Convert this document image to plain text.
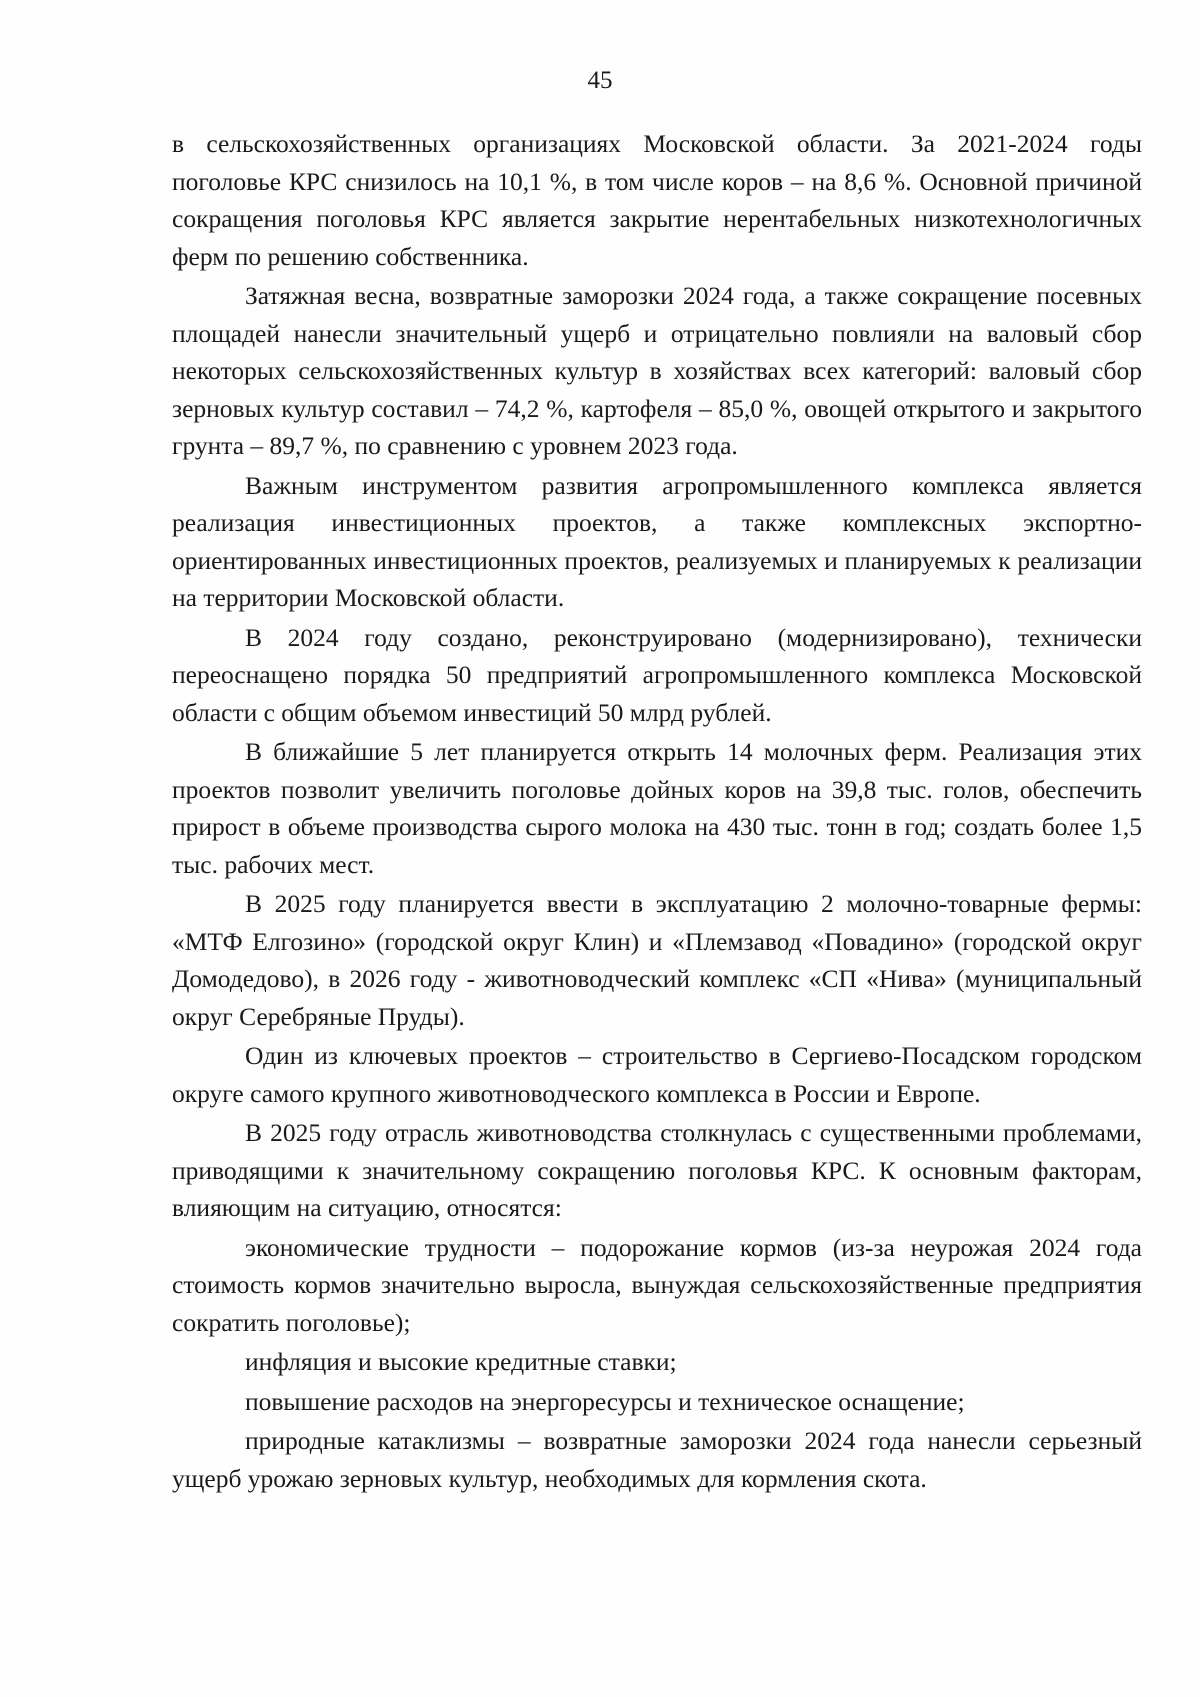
45

в сельскохозяйственных организациях Московской области. За 2021-2024 годы поголовье КРС снизилось на 10,1 %, в том числе коров – на 8,6 %. Основной причиной сокращения поголовья КРС является закрытие нерентабельных низкотехнологичных ферм по решению собственника.

Затяжная весна, возвратные заморозки 2024 года, а также сокращение посевных площадей нанесли значительный ущерб и отрицательно повлияли на валовый сбор некоторых сельскохозяйственных культур в хозяйствах всех категорий: валовый сбор зерновых культур составил – 74,2 %, картофеля – 85,0 %, овощей открытого и закрытого грунта – 89,7 %, по сравнению с уровнем 2023 года.

Важным инструментом развития агропромышленного комплекса является реализация инвестиционных проектов, а также комплексных экспортно-ориентированных инвестиционных проектов, реализуемых и планируемых к реализации на территории Московской области.

В 2024 году создано, реконструировано (модернизировано), технически переоснащено порядка 50 предприятий агропромышленного комплекса Московской области с общим объемом инвестиций 50 млрд рублей.

В ближайшие 5 лет планируется открыть 14 молочных ферм. Реализация этих проектов позволит увеличить поголовье дойных коров на 39,8 тыс. голов, обеспечить прирост в объеме производства сырого молока на 430 тыс. тонн в год; создать более 1,5 тыс. рабочих мест.

В 2025 году планируется ввести в эксплуатацию 2 молочно-товарные фермы: «МТФ Елгозино» (городской округ Клин) и «Племзавод «Повадино» (городской округ Домодедово), в 2026 году - животноводческий комплекс «СП «Нива» (муниципальный округ Серебряные Пруды).

Один из ключевых проектов – строительство в Сергиево-Посадском городском округе самого крупного животноводческого комплекса в России и Европе.

В 2025 году отрасль животноводства столкнулась с существенными проблемами, приводящими к значительному сокращению поголовья КРС. К основным факторам, влияющим на ситуацию, относятся:

экономические трудности – подорожание кормов (из-за неурожая 2024 года стоимость кормов значительно выросла, вынуждая сельскохозяйственные предприятия сократить поголовье);

инфляция и высокие кредитные ставки;

повышение расходов на энергоресурсы и техническое оснащение;

природные катаклизмы – возвратные заморозки 2024 года нанесли серьезный ущерб урожаю зерновых культур, необходимых для кормления скота.
